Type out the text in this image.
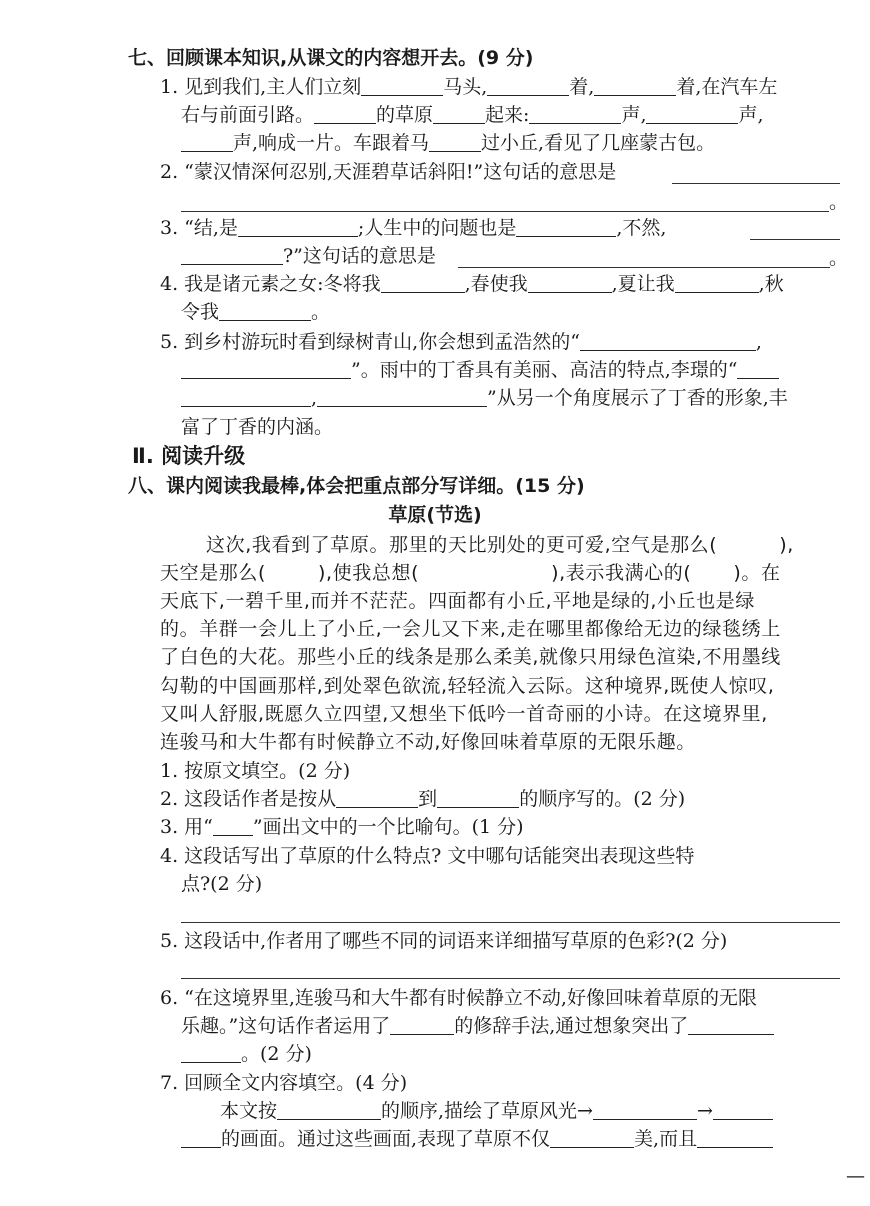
七、回顾课本知识,从课文的内容想开去。(9 分)
1. 见到我们,主人们立刻	马头,	着,	着,在汽车左
右与前面引路。	的草原	起来:	声,	声,
声,响成一片。车跟着马	过小丘,看见了几座蒙古包。
2. “蒙汉情深何忍别,天涯碧草话斜阳!”这句话的意思是
。
3. “结,是	;人生中的问题也是	,不然,
?”这句话的意思是	。
4. 我是诸元素之女:冬将我	,春使我	,夏让我	,秋
令我	。
5. 到乡村游玩时看到绿树青山,你会想到孟浩然的“	,
”。雨中的丁香具有美丽、高洁的特点,李璟的“
,	”从另一个角度展示了丁香的形象,丰
富了丁香的内涵。
Ⅱ. 阅读升级
八、课内阅读我最棒,体会把重点部分写详细。(15 分)
草原(节选)
这次,我看到了草原。那里的天比别处的更可爱,空气是那么(	),
天空是那么(	),使我总想(	),表示我满心的( )。在
天底下,一碧千里,而并不茫茫。四面都有小丘,平地是绿的,小丘也是绿
的。羊群一会儿上了小丘,一会儿又下来,走在哪里都像给无边的绿毯绣上
了白色的大花。那些小丘的线条是那么柔美,就像只用绿色渲染,不用墨线
勾勒的中国画那样,到处翠色欲流,轻轻流入云际。这种境界,既使人惊叹,
又叫人舒服,既愿久立四望,又想坐下低吟一首奇丽的小诗。在这境界里,
连骏马和大牛都有时候静立不动,好像回味着草原的无限乐趣。
1. 按原文填空。(2 分)
2. 这段话作者是按从	到	的顺序写的。(2 分)
3. 用“ ”画出文中的一个比喻句。(1 分)
4. 这段话写出了草原的什么特点? 文中哪句话能突出表现这些特
点?(2 分)
5. 这段话中,作者用了哪些不同的词语来详细描写草原的色彩?(2 分)
6. “在这境界里,连骏马和大牛都有时候静立不动,好像回味着草原的无限
乐趣。”这句话作者运用了	的修辞手法,通过想象突出了
。(2 分)
7. 回顾全文内容填空。(4 分)
本文按	的顺序,描绘了草原风光→	→
的画面。通过这些画面,表现了草原不仅	美,而且
—
